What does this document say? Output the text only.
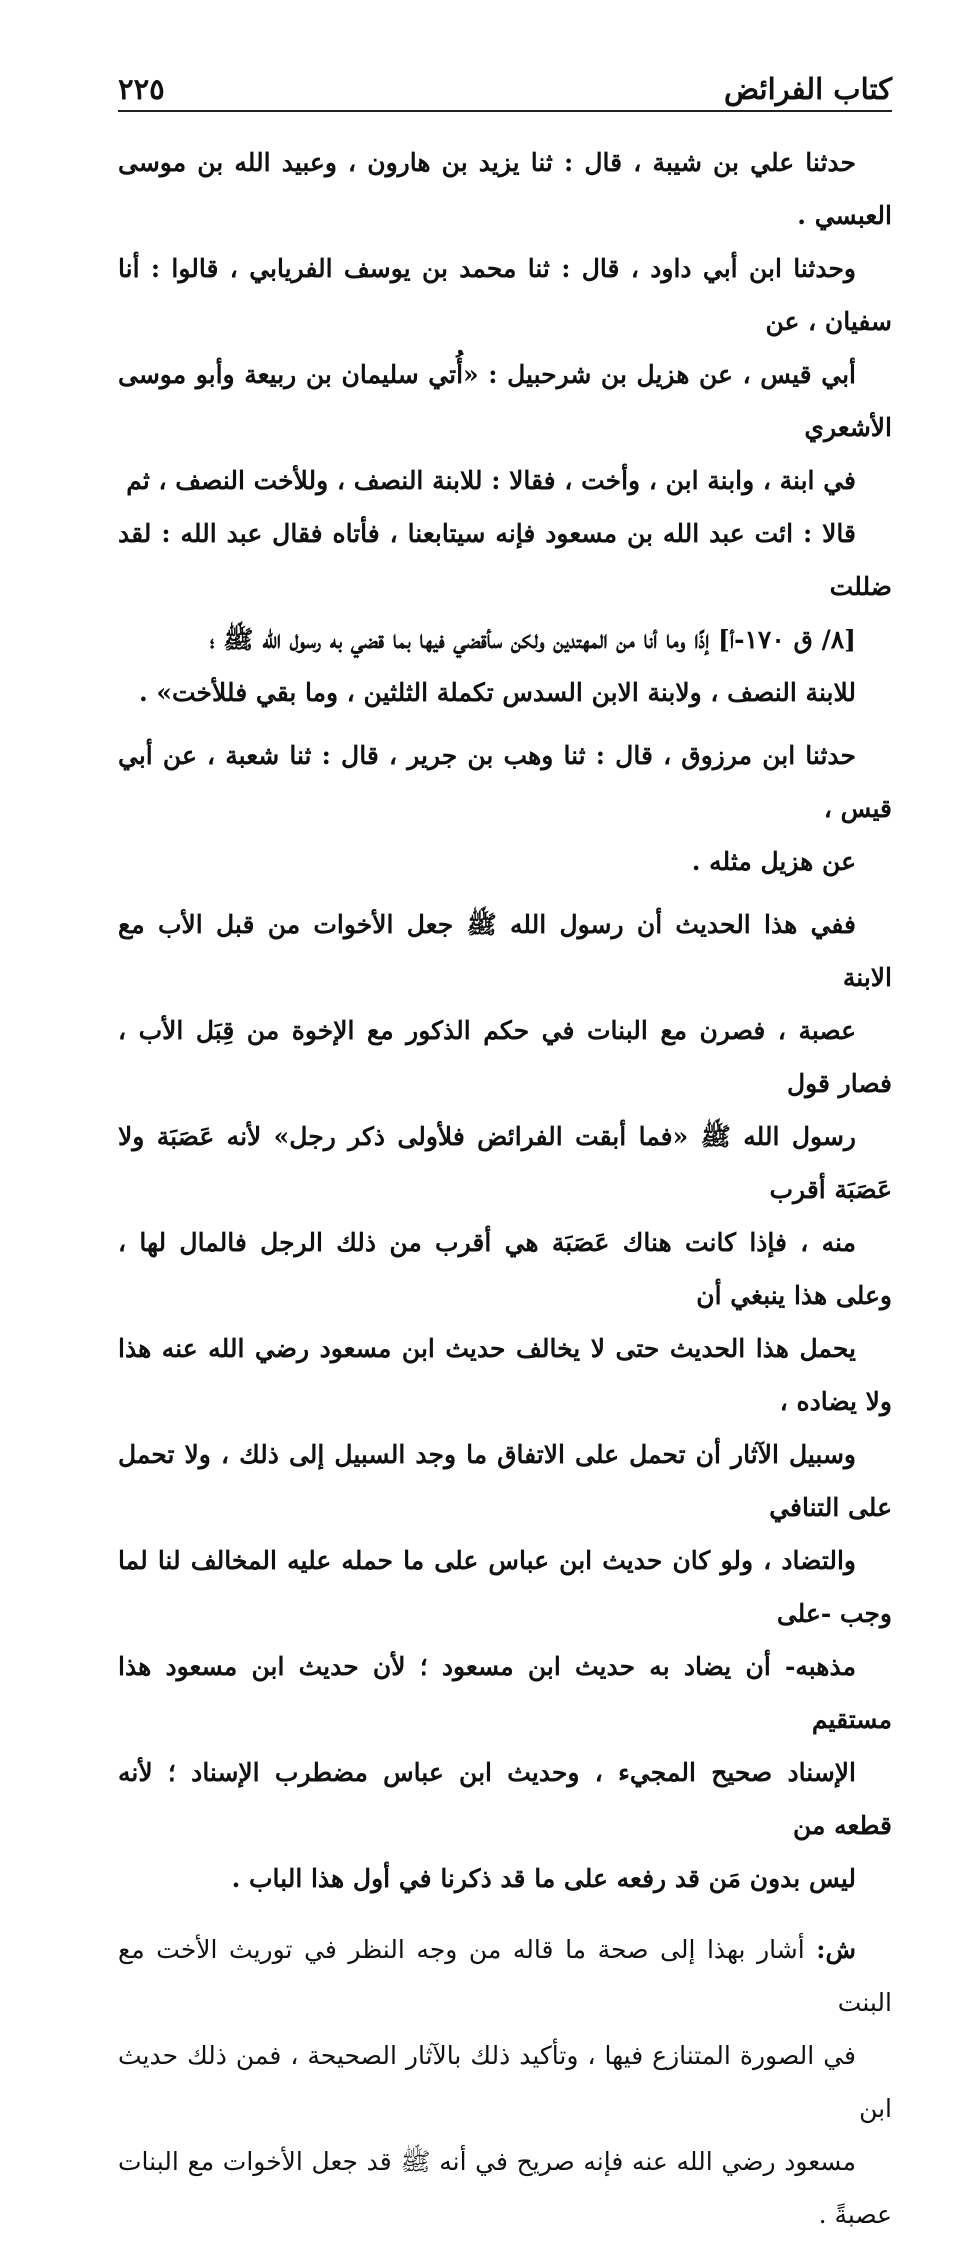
كتاب الفرائض
٢٢٥
حدثنا علي بن شيبة ، قال : ثنا يزيد بن هارون ، وعبيد الله بن موسى العبسي .
وحدثنا ابن أبي داود ، قال : ثنا محمد بن يوسف الفريابي ، قالوا : أنا سفيان ، عن
أبي قيس ، عن هزيل بن شرحبيل : «أُتي سليمان بن ربيعة وأبو موسى الأشعري
في ابنة ، وابنة ابن ، وأخت ، فقالا : للابنة النصف ، وللأخت النصف ، ثم
قالا : ائت عبد الله بن مسعود فإنه سيتابعنا ، فأتاه فقال عبد الله : لقد ضللت
[٨/ ق ١٧٠-أ] إذًا وما أنا من المهتدين ولكن سأقضي فيها بما قضي به رسول الله ﷺ ؛
للابنة النصف ، ولابنة الابن السدس تكملة الثلثين ، وما بقي فللأخت» .
حدثنا ابن مرزوق ، قال : ثنا وهب بن جرير ، قال : ثنا شعبة ، عن أبي قيس ،
عن هزيل مثله .
ففي هذا الحديث أن رسول الله ﷺ جعل الأخوات من قبل الأب مع الابنة
عصبة ، فصرن مع البنات في حكم الذكور مع الإخوة من قِبَل الأب ، فصار قول
رسول الله ﷺ «فما أبقت الفرائض فلأولى ذكر رجل» لأنه عَصَبَة ولا عَصَبَة أقرب
منه ، فإذا كانت هناك عَصَبَة هي أقرب من ذلك الرجل فالمال لها ، وعلى هذا ينبغي أن
يحمل هذا الحديث حتى لا يخالف حديث ابن مسعود رضي الله عنه هذا ولا يضاده ،
وسبيل الآثار أن تحمل على الاتفاق ما وجد السبيل إلى ذلك ، ولا تحمل على التنافي
والتضاد ، ولو كان حديث ابن عباس على ما حمله عليه المخالف لنا لما وجب -على
مذهبه- أن يضاد به حديث ابن مسعود ؛ لأن حديث ابن مسعود هذا مستقيم
الإسناد صحيح المجيء ، وحديث ابن عباس مضطرب الإسناد ؛ لأنه قطعه من
ليس بدون مَن قد رفعه على ما قد ذكرنا في أول هذا الباب .
ش: أشار بهذا إلى صحة ما قاله من وجه النظر في توريث الأخت مع البنت
في الصورة المتنازع فيها ، وتأكيد ذلك بالآثار الصحيحة ، فمن ذلك حديث ابن
مسعود رضي الله عنه فإنه صريح في أنه ﷺ قد جعل الأخوات مع البنات عصبةً .
